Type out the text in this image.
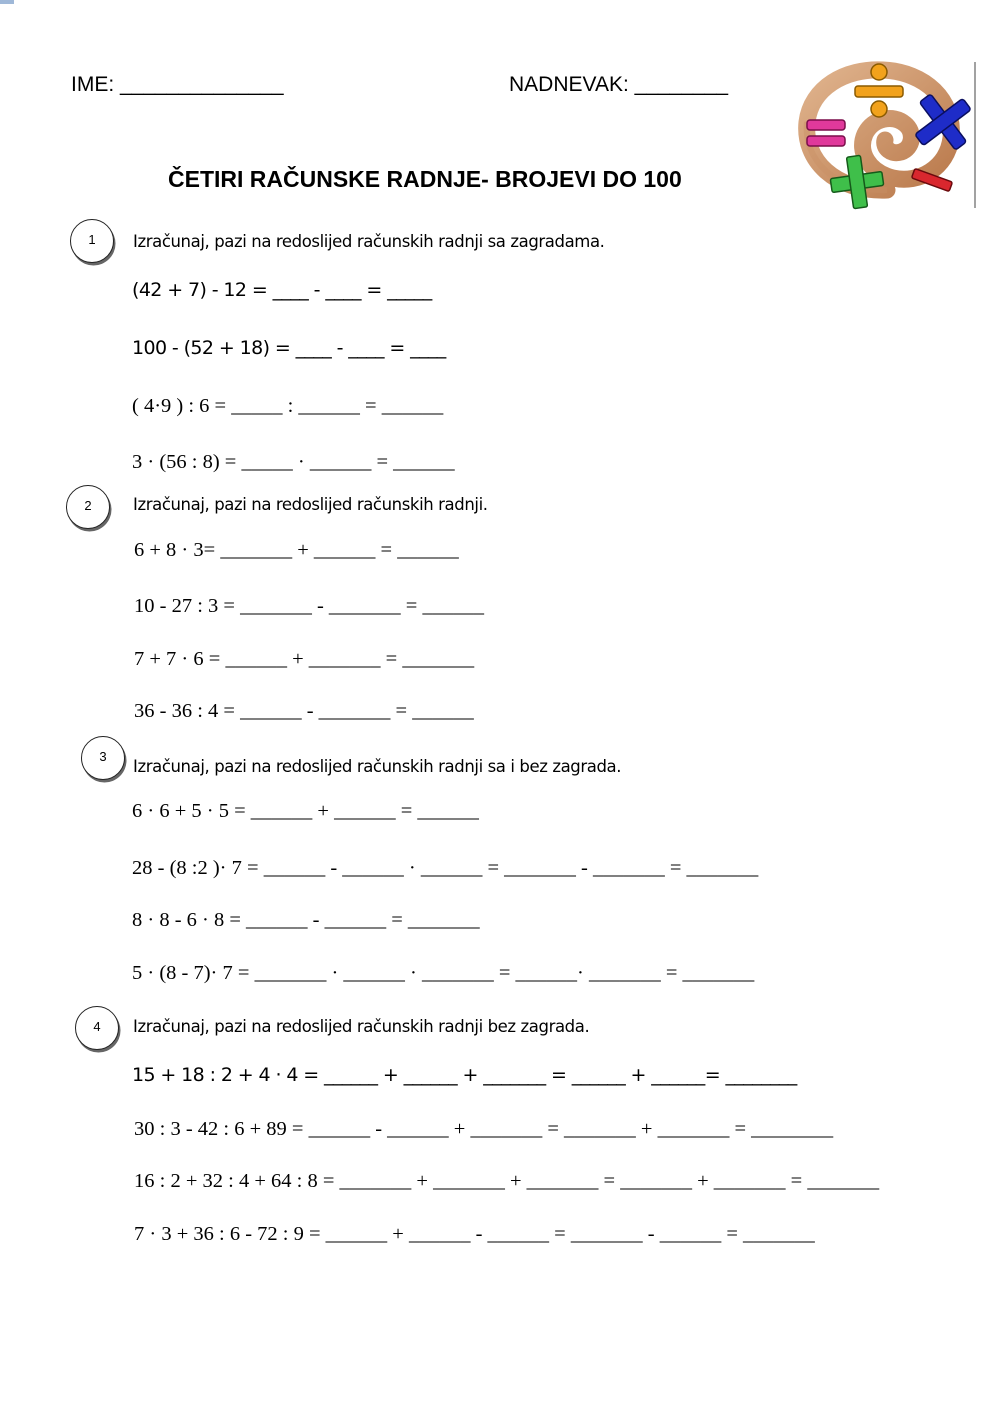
IME: ______________	NADNEVAK: ________
ČETIRI RAČUNSKE RADNJE- BROJEVI DO 100
1 Izračunaj, pazi na redoslijed računskih radnji sa zagradama.
(42 + 7) - 12 = ____ - ____ = _____
100 - (52 + 18) = ____ - ____ = ____
( 4·9 ) : 6 = _____ : ______ = ______
3 · (56 : 8) = _____ · ______ = ______
2	Izračunaj, pazi na redoslijed računskih radnji.
6 + 8 · 3= _______ + ______ = ______
10 - 27 : 3 = _______ - _______ = ______
7 + 7 · 6 = ______ + _______ = _______
36 - 36 : 4 = ______ - _______ = ______
3
Izračunaj, pazi na redoslijed računskih radnji sa i bez zagrada.
6 · 6 + 5 · 5 = ______ + ______ = ______
28 - (8 :2 )· 7 = ______ - ______ · ______ = _______ - _______ = _______
8 · 8 - 6 · 8 = ______ - ______ = _______
5 · (8 - 7)· 7 = _______ · ______ · _______ = ______· _______ = _______
4 Izračunaj, pazi na redoslijed računskih radnji bez zagrada.
15 + 18 : 2 + 4 · 4 = ______ + ______ + _______ = ______ + ______= ________
30 : 3 - 42 : 6 + 89 = ______ - ______ + _______ = _______ + _______ = ________
16 : 2 + 32 : 4 + 64 : 8 = _______ + _______ + _______ = _______ + _______ = _______
7 · 3 + 36 : 6 - 72 : 9 = ______ + ______ - ______ = _______ - ______ = _______
